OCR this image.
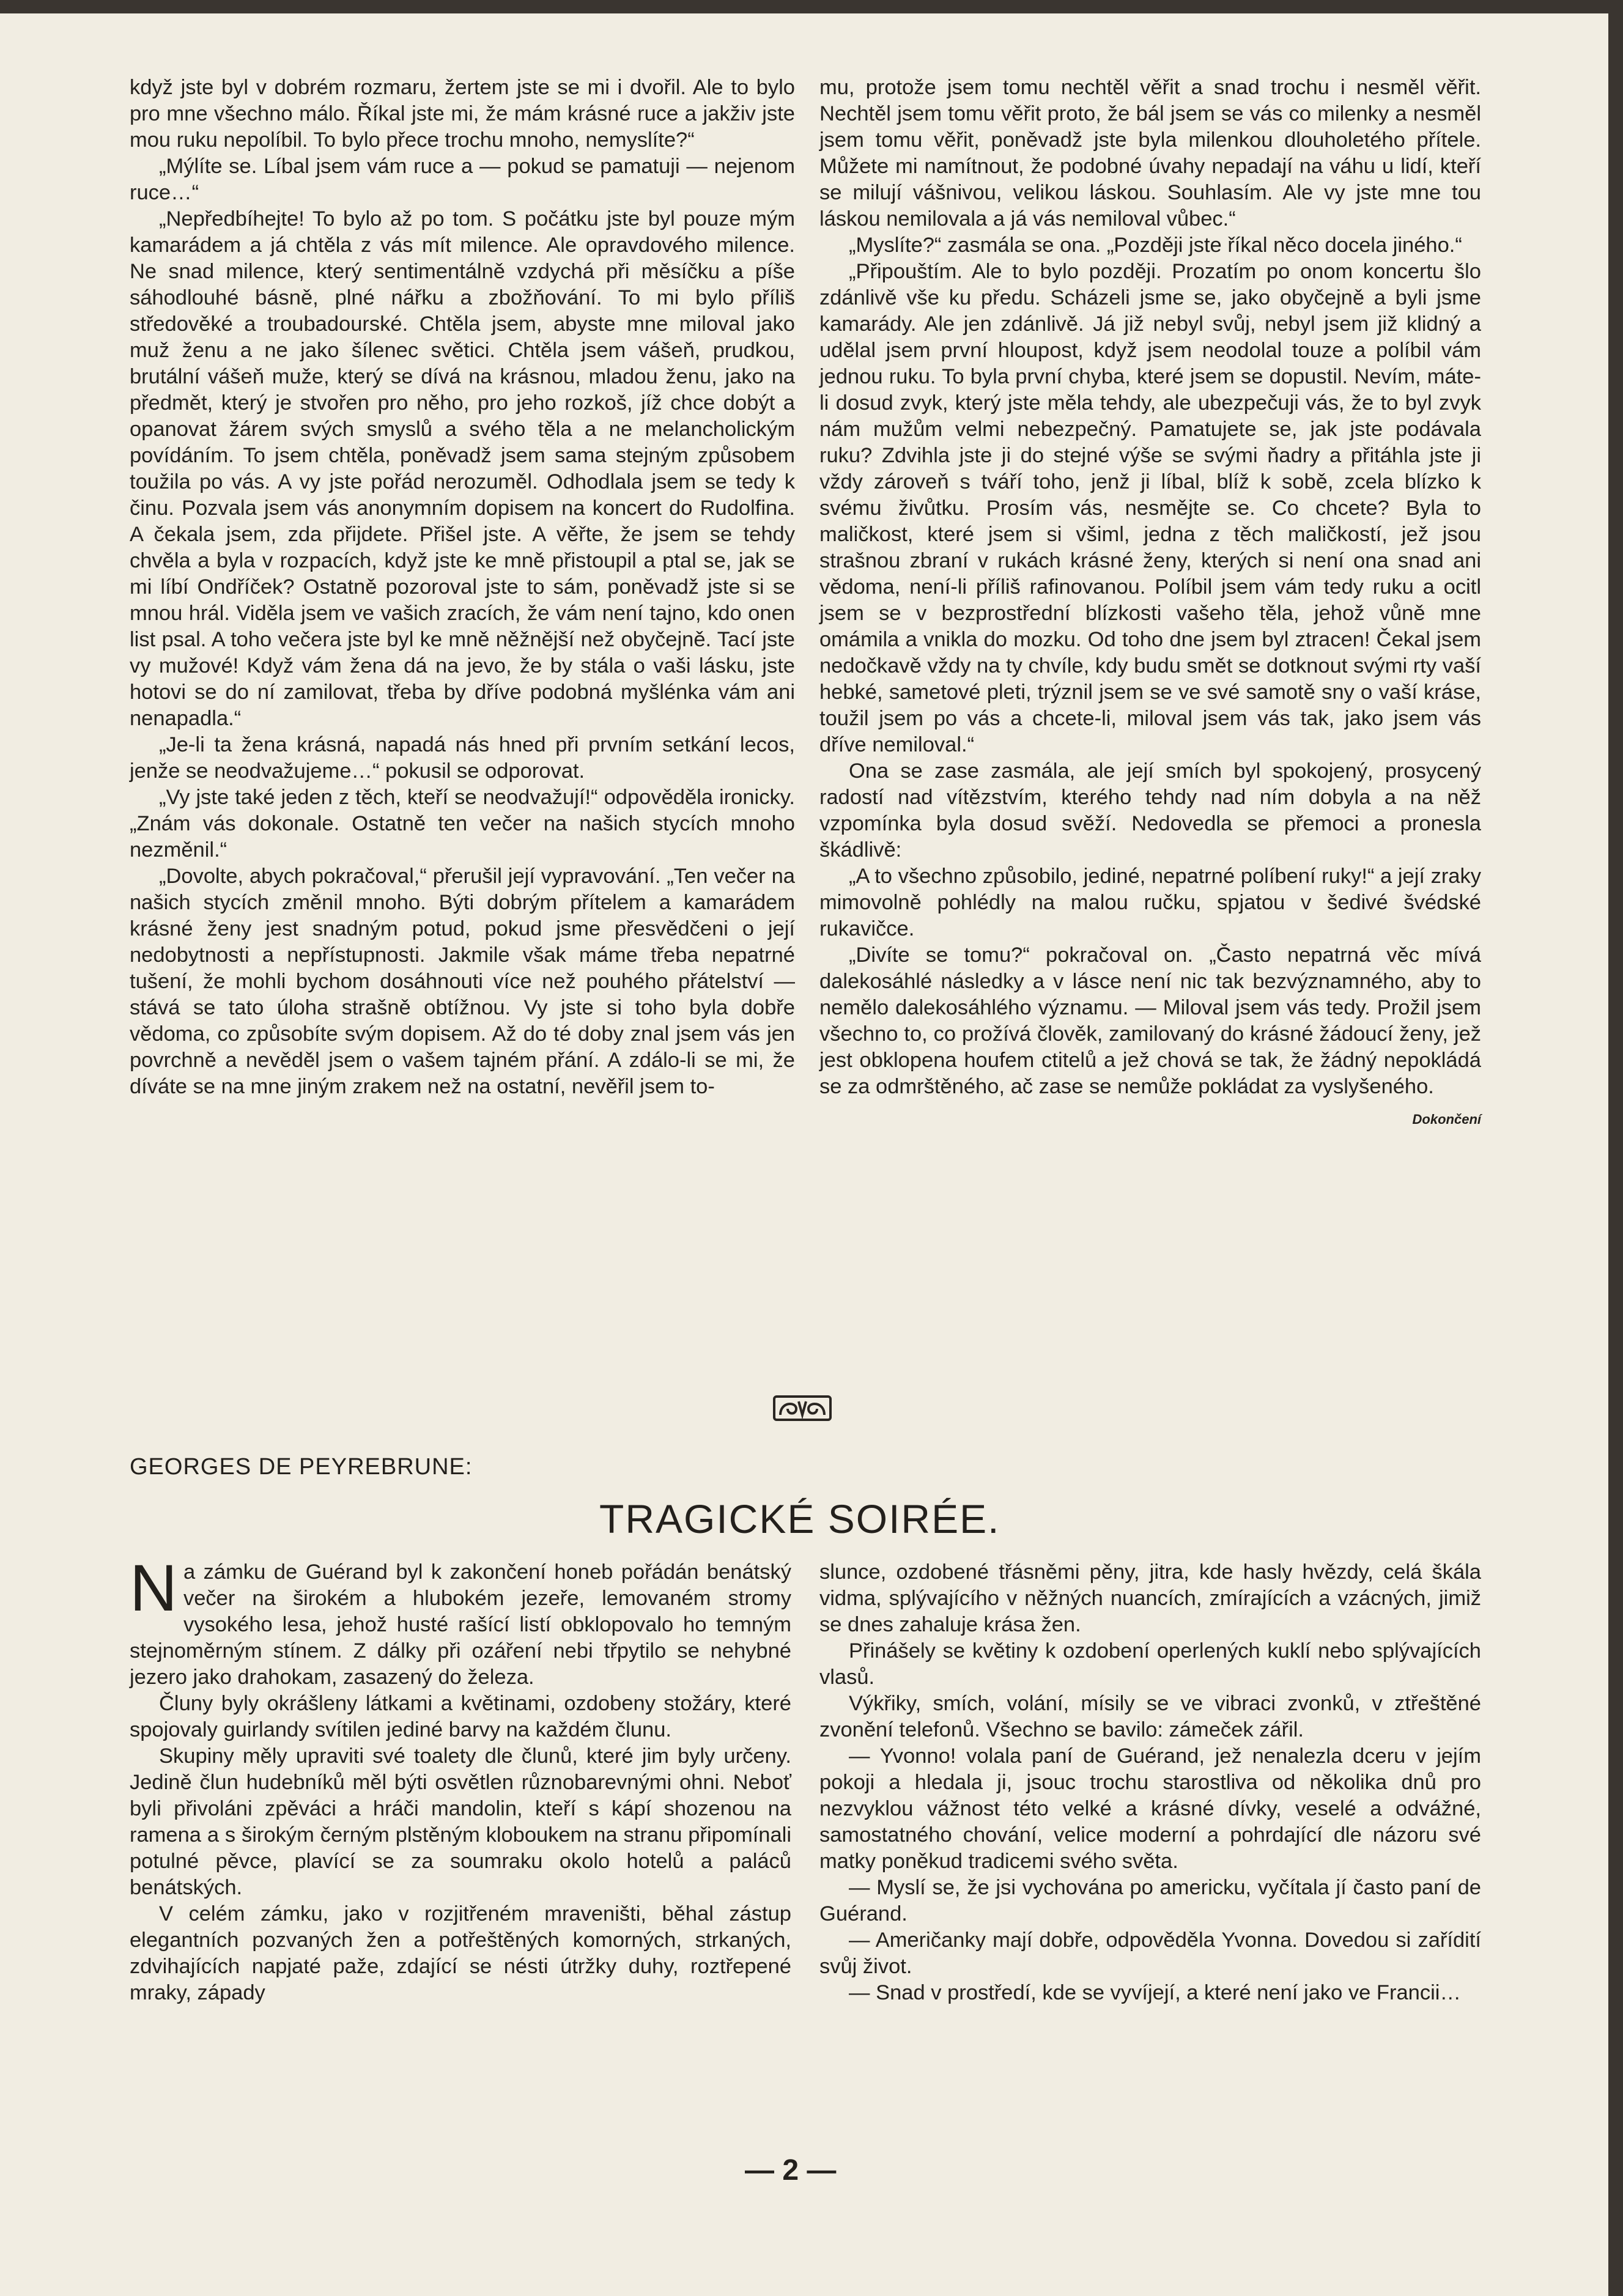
když jste byl v dobrém rozmaru, žertem jste se mi i dvořil. Ale to bylo pro mne všechno málo. Říkal jste mi, že mám krásné ruce a jakživ jste mou ruku nepolíbil. To bylo přece trochu mnoho, nemyslíte?“

„Mýlíte se. Líbal jsem vám ruce a — pokud se pamatuji — nejenom ruce…“

„Nepředbíhejte! To bylo až po tom. S počátku jste byl pouze mým kamarádem a já chtěla z vás mít milence. Ale opravdového milence. Ne snad milence, který sentimentálně vzdychá při měsíčku a píše sáhodlouhé básně, plné nářku a zbožňování. To mi bylo příliš středověké a troubadourské. Chtěla jsem, abyste mne miloval jako muž ženu a ne jako šílenec světici. Chtěla jsem vášeň, prudkou, brutální vášeň muže, který se dívá na krásnou, mladou ženu, jako na předmět, který je stvořen pro něho, pro jeho rozkoš, jíž chce dobýt a opanovat žárem svých smyslů a svého těla a ne melancholickým povídáním. To jsem chtěla, poněvadž jsem sama stejným způsobem toužila po vás. A vy jste pořád nerozuměl. Odhodlala jsem se tedy k činu. Pozvala jsem vás anonymním dopisem na koncert do Rudolfina. A čekala jsem, zda přijdete. Přišel jste. A věřte, že jsem se tehdy chvěla a byla v rozpacích, když jste ke mně přistoupil a ptal se, jak se mi líbí Ondříček? Ostatně pozoroval jste to sám, poněvadž jste si se mnou hrál. Viděla jsem ve vašich zracích, že vám není tajno, kdo onen list psal. A toho večera jste byl ke mně něžnější než obyčejně. Tací jste vy mužové! Když vám žena dá na jevo, že by stála o vaši lásku, jste hotovi se do ní zamilovat, třeba by dříve podobná myšlénka vám ani nenapadla.“

„Je-li ta žena krásná, napadá nás hned při prvním setkání lecos, jenže se neodvažujeme…“ pokusil se odporovat.

„Vy jste také jeden z těch, kteří se neodvažují!“ odpověděla ironicky. „Znám vás dokonale. Ostatně ten večer na našich stycích mnoho nezměnil.“

„Dovolte, abych pokračoval,“ přerušil její vypravování. „Ten večer na našich stycích změnil mnoho. Býti dobrým přítelem a kamarádem krásné ženy jest snadným potud, pokud jsme přesvědčeni o její nedobytnosti a nepřístupnosti. Jakmile však máme třeba nepatrné tušení, že mohli bychom dosáhnouti více než pouhého přátelství — stává se tato úloha strašně obtížnou. Vy jste si toho byla dobře vědoma, co způsobíte svým dopisem. Až do té doby znal jsem vás jen povrchně a nevěděl jsem o vašem tajném přání. A zdálo-li se mi, že díváte se na mne jiným zrakem než na ostatní, nevěřil jsem to-

mu, protože jsem tomu nechtěl věřit a snad trochu i nesměl věřit. Nechtěl jsem tomu věřit proto, že bál jsem se vás co milenky a nesměl jsem tomu věřit, poněvadž jste byla milenkou dlouholetého přítele. Můžete mi namítnout, že podobné úvahy nepadají na váhu u lidí, kteří se milují vášnivou, velikou láskou. Souhlasím. Ale vy jste mne tou láskou nemilovala a já vás nemiloval vůbec.“

„Myslíte?“ zasmála se ona. „Později jste říkal něco docela jiného.“

„Připouštím. Ale to bylo později. Prozatím po onom koncertu šlo zdánlivě vše ku předu. Scházeli jsme se, jako obyčejně a byli jsme kamarády. Ale jen zdánlivě. Já již nebyl svůj, nebyl jsem již klidný a udělal jsem první hloupost, když jsem neodolal touze a políbil vám jednou ruku. To byla první chyba, které jsem se dopustil. Nevím, máte-li dosud zvyk, který jste měla tehdy, ale ubezpečuji vás, že to byl zvyk nám mužům velmi nebezpečný. Pamatujete se, jak jste podávala ruku? Zdvihla jste ji do stejné výše se svými ňadry a přitáhla jste ji vždy zároveň s tváří toho, jenž ji líbal, blíž k sobě, zcela blízko k svému živůtku. Prosím vás, nesmějte se. Co chcete? Byla to maličkost, které jsem si všiml, jedna z těch maličkostí, jež jsou strašnou zbraní v rukách krásné ženy, kterých si není ona snad ani vědoma, není-li příliš rafinovanou. Políbil jsem vám tedy ruku a ocitl jsem se v bezprostřední blízkosti vašeho těla, jehož vůně mne omámila a vnikla do mozku. Od toho dne jsem byl ztracen! Čekal jsem nedočkavě vždy na ty chvíle, kdy budu smět se dotknout svými rty vaší hebké, sametové pleti, trýznil jsem se ve své samotě sny o vaší kráse, toužil jsem po vás a chcete-li, miloval jsem vás tak, jako jsem vás dříve nemiloval.“

Ona se zase zasmála, ale její smích byl spokojený, prosycený radostí nad vítězstvím, kterého tehdy nad ním dobyla a na něž vzpomínka byla dosud svěží. Nedovedla se přemoci a pronesla škádlivě:

„A to všechno způsobilo, jediné, nepatrné políbení ruky!“ a její zraky mimovolně pohlédly na malou ručku, spjatou v šedivé švédské rukavičce.

„Divíte se tomu?“ pokračoval on. „Často nepatrná věc mívá dalekosáhlé následky a v lásce není nic tak bezvýznamného, aby to nemělo dalekosáhlého významu. — Miloval jsem vás tedy. Prožil jsem všechno to, co prožívá člověk, zamilovaný do krásné žádoucí ženy, jež jest obklopena houfem ctitelů a jež chová se tak, že žádný nepokládá se za odmrštěného, ač zase se nemůže pokládat za vyslyšeného.

Dokončení
GEORGES DE PEYREBRUNE:
TRAGICKÉ SOIRÉE.

Na zámku de Guérand byl k zakončení honeb pořádán benátský večer na širokém a hlubokém jezeře, lemovaném stromy vysokého lesa, jehož husté rašící listí obklopovalo ho temným stejnoměrným stínem. Z dálky při ozáření nebi třpytilo se nehybné jezero jako drahokam, zasazený do železa.

Čluny byly okrášleny látkami a květinami, ozdobeny stožáry, které spojovaly guirlandy svítilen jediné barvy na každém člunu.

Skupiny měly upraviti své toalety dle člunů, které jim byly určeny. Jedině člun hudebníků měl býti osvětlen různobarevnými ohni. Neboť byli přivoláni zpěváci a hráči mandolin, kteří s kápí shozenou na ramena a s širokým černým plstěným kloboukem na stranu připomínali potulné pěvce, plavící se za soumraku okolo hotelů a paláců benátských.

V celém zámku, jako v rozjitřeném mraveništi, běhal zástup elegantních pozvaných žen a potřeštěných komorných, strkaných, zdvihajících napjaté paže, zdající se nésti útržky duhy, roztřepené mraky, západy

slunce, ozdobené třásněmi pěny, jitra, kde hasly hvězdy, celá škála vidma, splývajícího v něžných nuancích, zmírajících a vzácných, jimiž se dnes zahaluje krása žen.

Přinášely se květiny k ozdobení operlených kuklí nebo splývajících vlasů.

Výkřiky, smích, volání, mísily se ve vibraci zvonků, v ztřeštěné zvonění telefonů. Všechno se bavilo: zámeček zářil.

— Yvonno! volala paní de Guérand, jež nenalezla dceru v jejím pokoji a hledala ji, jsouc trochu starostliva od několika dnů pro nezvyklou vážnost této velké a krásné dívky, veselé a odvážné, samostatného chování, velice moderní a pohrdající dle názoru své matky poněkud tradicemi svého světa.

— Myslí se, že jsi vychována po americku, vyčítala jí často paní de Guérand.

— Američanky mají dobře, odpověděla Yvonna. Dovedou si zařídití svůj život.

— Snad v prostředí, kde se vyvíjejí, a které není jako ve Francii…

— 2 —
